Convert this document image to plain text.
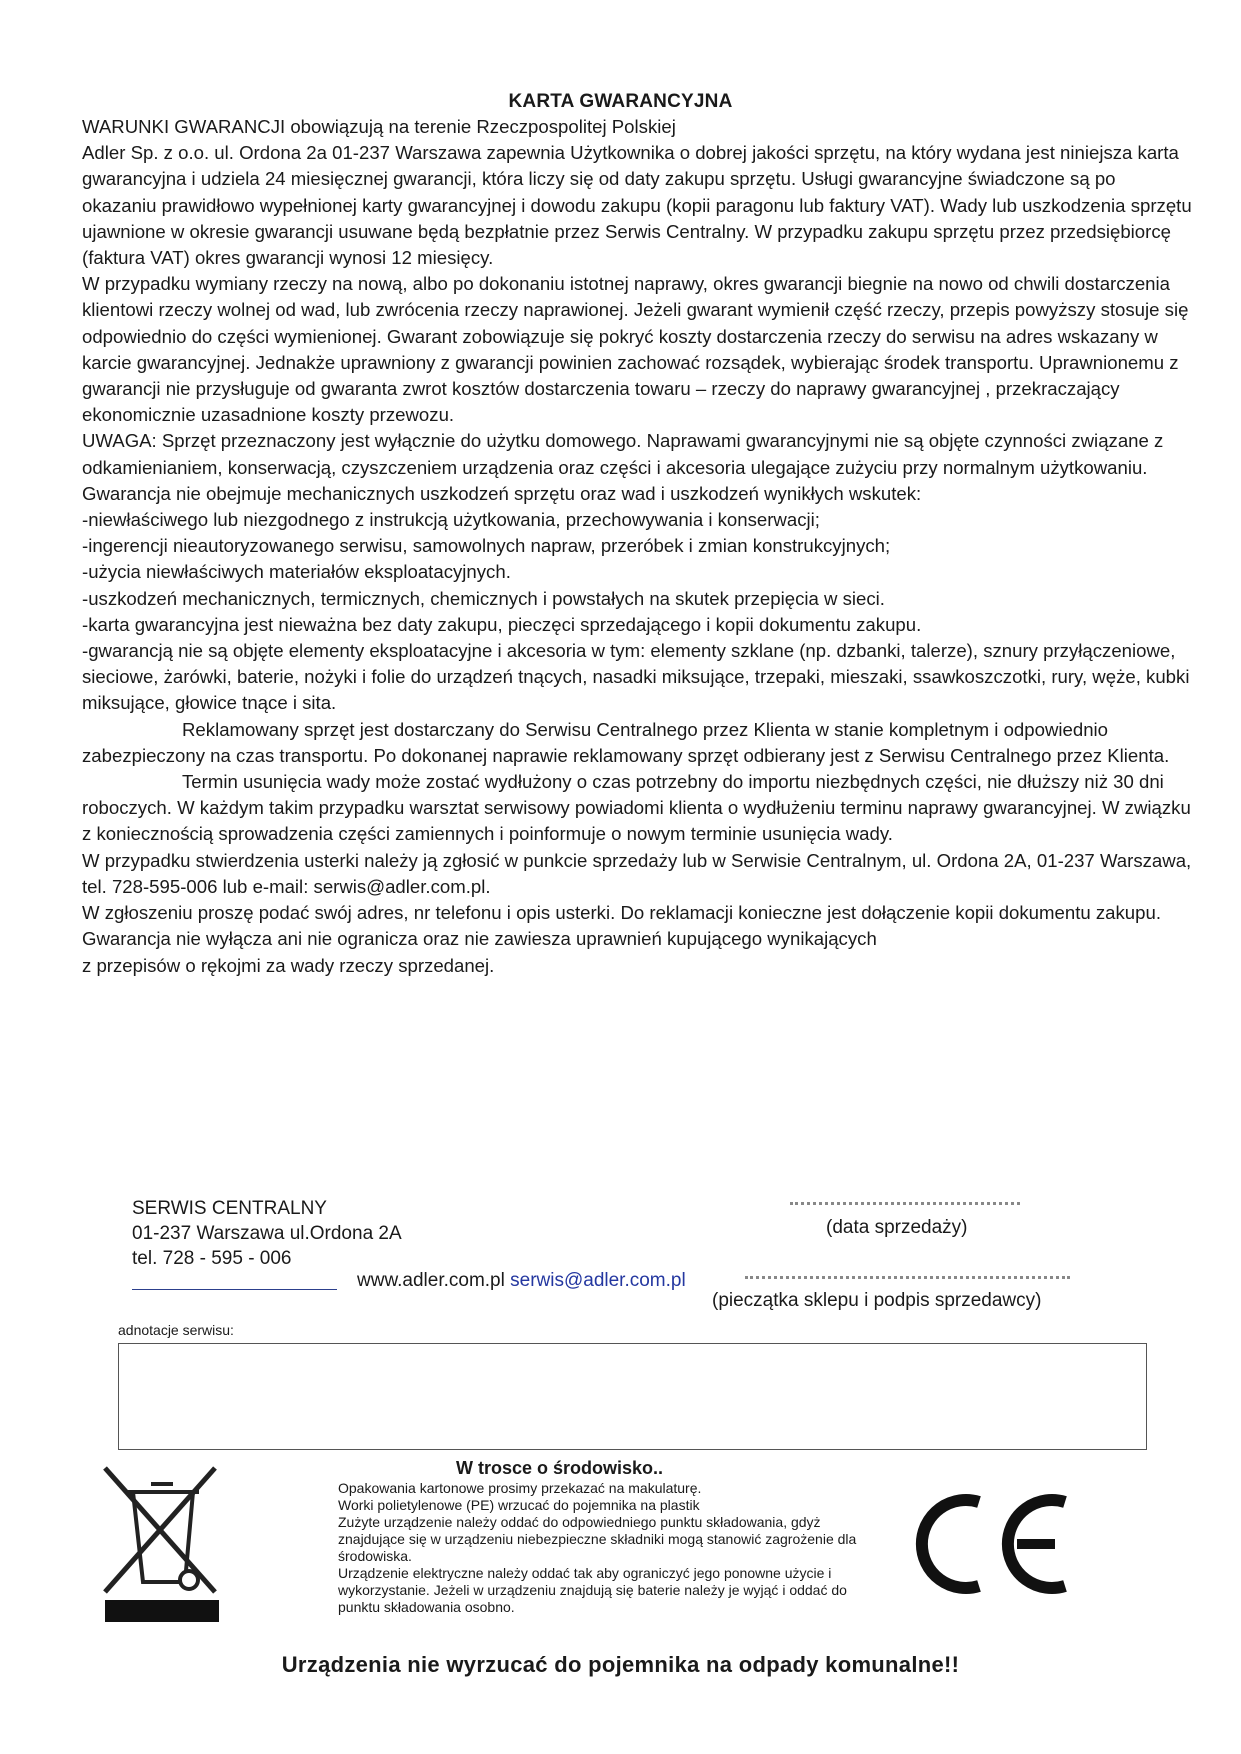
KARTA GWARANCYJNA

WARUNKI GWARANCJI obowiązują na terenie Rzeczpospolitej Polskiej

Adler Sp. z o.o. ul. Ordona 2a 01-237 Warszawa zapewnia Użytkownika o dobrej jakości sprzętu, na który wydana jest niniejsza karta gwarancyjna i udziela 24 miesięcznej gwarancji, która liczy się od daty zakupu sprzętu. Usługi gwarancyjne świadczone są po okazaniu prawidłowo wypełnionej karty gwarancyjnej i dowodu zakupu (kopii paragonu lub faktury VAT). Wady lub uszkodzenia sprzętu ujawnione w okresie gwarancji usuwane będą bezpłatnie przez Serwis Centralny. W przypadku zakupu sprzętu przez przedsiębiorcę (faktura VAT) okres gwarancji wynosi 12 miesięcy.

W przypadku wymiany rzeczy na nową, albo po dokonaniu istotnej naprawy, okres gwarancji biegnie na nowo od chwili dostarczenia klientowi rzeczy wolnej od wad, lub zwrócenia rzeczy naprawionej. Jeżeli gwarant wymienił część rzeczy, przepis powyższy stosuje się odpowiednio do części wymienionej. Gwarant zobowiązuje się pokryć koszty dostarczenia rzeczy do serwisu na adres wskazany w karcie gwarancyjnej. Jednakże uprawniony z gwarancji powinien zachować rozsądek, wybierając środek transportu. Uprawnionemu z gwarancji nie przysługuje od gwaranta zwrot kosztów dostarczenia towaru – rzeczy do naprawy gwarancyjnej , przekraczający ekonomicznie uzasadnione koszty przewozu.

UWAGA: Sprzęt przeznaczony jest wyłącznie do użytku domowego. Naprawami gwarancyjnymi nie są objęte czynności związane z odkamienianiem, konserwacją, czyszczeniem urządzenia oraz części i akcesoria ulegające zużyciu przy normalnym użytkowaniu. Gwarancja nie obejmuje mechanicznych uszkodzeń sprzętu oraz wad i uszkodzeń wynikłych wskutek:

-niewłaściwego lub niezgodnego z instrukcją użytkowania, przechowywania i konserwacji;

-ingerencji nieautoryzowanego serwisu, samowolnych napraw, przeróbek i zmian konstrukcyjnych;

-użycia niewłaściwych materiałów eksploatacyjnych.

-uszkodzeń mechanicznych, termicznych, chemicznych i powstałych na skutek przepięcia w sieci.

-karta gwarancyjna jest nieważna bez daty zakupu, pieczęci sprzedającego i kopii dokumentu zakupu.

-gwarancją nie są objęte elementy eksploatacyjne i akcesoria w tym: elementy szklane (np. dzbanki, talerze), sznury przyłączeniowe, sieciowe, żarówki, baterie, nożyki i folie do urządzeń tnących, nasadki miksujące, trzepaki, mieszaki, ssawkoszczotki, rury, węże, kubki miksujące, głowice tnące i sita.

Reklamowany sprzęt jest dostarczany do Serwisu Centralnego przez Klienta w stanie kompletnym i odpowiednio zabezpieczony na czas transportu. Po dokonanej naprawie reklamowany sprzęt odbierany jest z Serwisu Centralnego przez Klienta.

Termin usunięcia wady może zostać wydłużony o czas potrzebny do importu niezbędnych części, nie dłuższy niż 30 dni roboczych. W każdym takim przypadku warsztat serwisowy powiadomi klienta o wydłużeniu terminu naprawy gwarancyjnej. W związku z koniecznością sprowadzenia części zamiennych i poinformuje o nowym terminie usunięcia wady.

W przypadku stwierdzenia usterki należy ją zgłosić w punkcie sprzedaży lub w Serwisie Centralnym, ul. Ordona 2A, 01-237 Warszawa, tel. 728-595-006 lub e-mail: serwis@adler.com.pl.

W zgłoszeniu proszę podać swój adres, nr telefonu i opis usterki. Do reklamacji konieczne jest dołączenie kopii dokumentu zakupu.

Gwarancja nie wyłącza ani nie ogranicza oraz nie zawiesza uprawnień kupującego wynikających

z przepisów o rękojmi za wady rzeczy sprzedanej.

SERWIS CENTRALNY
01-237 Warszawa ul.Ordona 2A
tel. 728 - 595 - 006
www.adler.com.pl serwis@adler.com.pl
(data sprzedaży)
(pieczątka sklepu i podpis sprzedawcy)
adnotacje serwisu:
W trosce o środowisko..

Opakowania kartonowe prosimy przekazać na makulaturę.

Worki polietylenowe (PE) wrzucać do pojemnika na plastik

Zużyte urządzenie należy oddać do odpowiedniego punktu składowania, gdyż znajdujące się w urządzeniu niebezpieczne składniki mogą stanowić zagrożenie dla środowiska.

Urządzenie elektryczne należy oddać tak aby ograniczyć jego ponowne użycie i wykorzystanie. Jeżeli w urządzeniu znajdują się baterie należy je wyjąć i oddać do punktu składowania osobno.

Urządzenia nie wyrzucać do pojemnika na odpady komunalne!!
